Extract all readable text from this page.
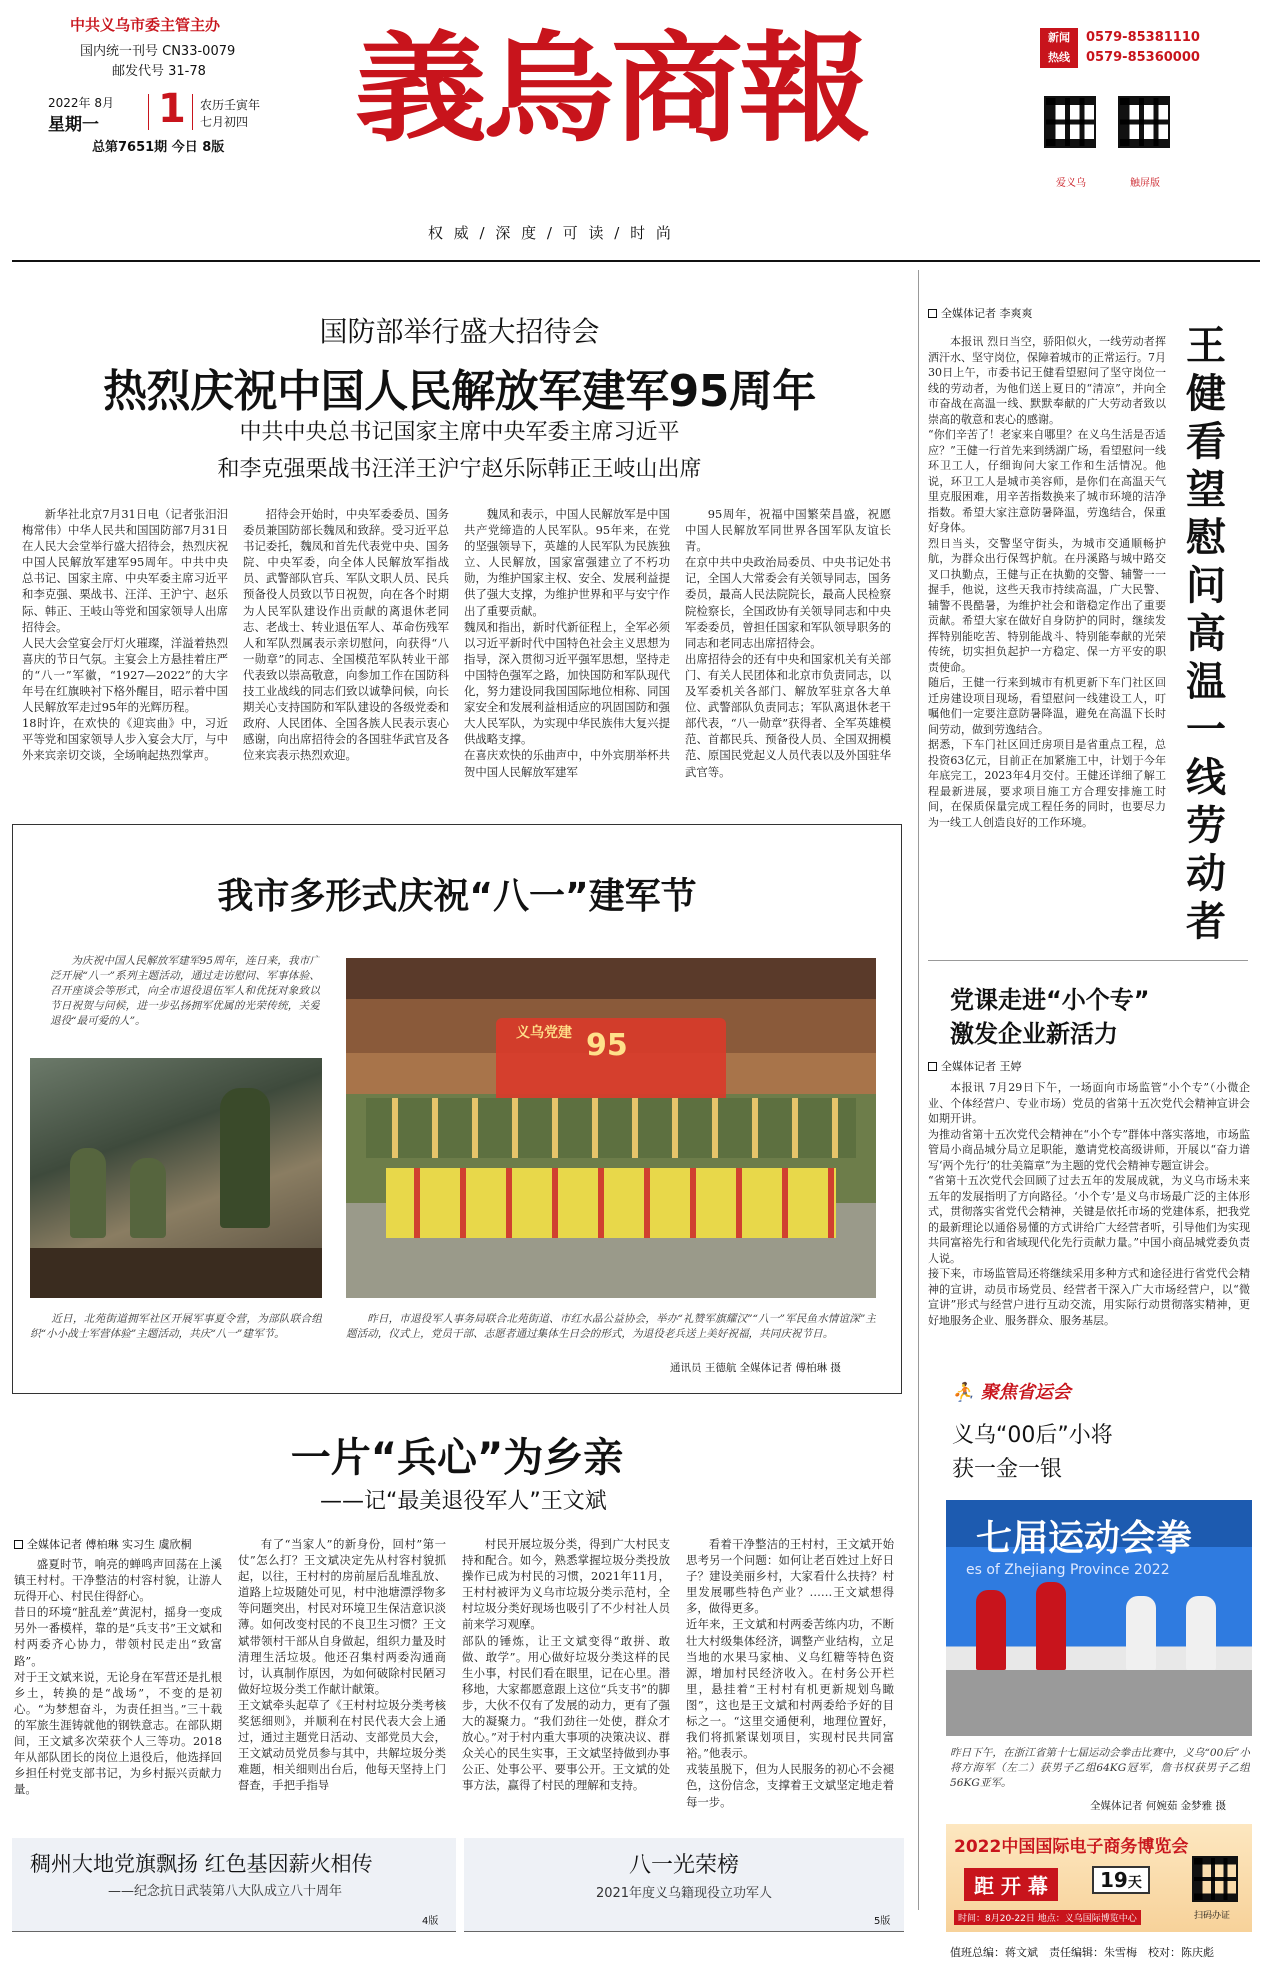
中共义乌市委主管主办
国内统一刊号 CN33-0079
邮发代号 31-78
2022年 8月
星期一 1 农历壬寅年
七月初四
总第7651期 今日 8版 義烏商報
权 威 / 深 度 / 可 读 / 时 尚
新闻
热线
0579-85381110
0579-85360000
爱义乌	触屏版
国防部举行盛大招待会
热烈庆祝中国人民解放军建军95周年
中共中央总书记国家主席中央军委主席习近平
和李克强栗战书汪洋王沪宁赵乐际韩正王岐山出席
新华社北京7月31日电（记者张汨汨 梅常伟）中华人民共和国国防部7月31日在人民大会堂举行盛大招待会，热烈庆祝中国人民解放军建军95周年。中共中央总书记、国家主席、中央军委主席习近平和李克强、栗战书、汪洋、王沪宁、赵乐际、韩正、王岐山等党和国家领导人出席招待会。
人民大会堂宴会厅灯火璀璨，洋溢着热烈喜庆的节日气氛。主宴会上方悬挂着庄严的“八一”军徽，“1927—2022”的大字年号在红旗映衬下格外醒目，昭示着中国人民解放军走过95年的光辉历程。
18时许，在欢快的《迎宾曲》中，习近平等党和国家领导人步入宴会大厅，与中外来宾亲切交谈，全场响起热烈掌声。
招待会开始时，中央军委委员、国务委员兼国防部长魏凤和致辞。受习近平总书记委托，魏凤和首先代表党中央、国务院、中央军委，向全体人民解放军指战员、武警部队官兵、军队文职人员、民兵预备役人员致以节日祝贺，向在各个时期为人民军队建设作出贡献的离退休老同志、老战士、转业退伍军人、革命伤残军人和军队烈属表示亲切慰问，向获得“八一勋章”的同志、全国模范军队转业干部代表致以崇高敬意，向参加工作在国防科技工业战线的同志们致以诚挚问候，向长期关心支持国防和军队建设的各级党委和政府、人民团体、全国各族人民表示衷心感谢，向出席招待会的各国驻华武官及各位来宾表示热烈欢迎。
魏凤和表示，中国人民解放军是中国共产党缔造的人民军队。95年来，在党的坚强领导下，英雄的人民军队为民族独立、人民解放，国家富强建立了不朽功勋，为维护国家主权、安全、发展利益提供了强大支撑，为维护世界和平与安宁作出了重要贡献。
魏凤和指出，新时代新征程上，全军必须以习近平新时代中国特色社会主义思想为指导，深入贯彻习近平强军思想，坚持走中国特色强军之路，加快国防和军队现代化，努力建设同我国国际地位相称、同国家安全和发展利益相适应的巩固国防和强大人民军队，为实现中华民族伟大复兴提供战略支撑。
在喜庆欢快的乐曲声中，中外宾朋举杯共贺中国人民解放军建军
95周年，祝福中国繁荣昌盛，祝愿中国人民解放军同世界各国军队友谊长青。
在京中共中央政治局委员、中央书记处书记，全国人大常委会有关领导同志，国务委员，最高人民法院院长，最高人民检察院检察长，全国政协有关领导同志和中央军委委员，曾担任国家和军队领导职务的同志和老同志出席招待会。
出席招待会的还有中央和国家机关有关部门、有关人民团体和北京市负责同志，以及军委机关各部门、解放军驻京各大单位、武警部队负责同志；军队离退休老干部代表，“八一勋章”获得者、全军英雄模范、首都民兵、预备役人员、全国双拥模范、原国民党起义人员代表以及外国驻华武官等。
全媒体记者 李爽爽
王健看望慰问高温一线劳动者
本报讯 烈日当空，骄阳似火，一线劳动者挥洒汗水、坚守岗位，保障着城市的正常运行。7月30日上午，市委书记王健看望慰问了坚守岗位一线的劳动者，为他们送上夏日的“清凉”，并向全市奋战在高温一线、默默奉献的广大劳动者致以崇高的敬意和衷心的感谢。
“你们辛苦了！老家来自哪里？在义乌生活是否适应？”王健一行首先来到绣湖广场，看望慰问一线环卫工人，仔细询问大家工作和生活情况。他说，环卫工人是城市美容师，是你们在高温天气里克服困难，用辛苦指数换来了城市环境的洁净指数。希望大家注意防暑降温，劳逸结合，保重好身体。
烈日当头，交警坚守街头，为城市交通顺畅护航，为群众出行保驾护航。在丹溪路与城中路交叉口执勤点，王健与正在执勤的交警、辅警一一握手，他说，这些天我市持续高温，广大民警、辅警不畏酷暑，为维护社会和谐稳定作出了重要贡献。希望大家在做好自身防护的同时，继续发挥特别能吃苦、特别能战斗、特别能奉献的光荣传统，切实担负起护一方稳定、保一方平安的职责使命。
随后，王健一行来到城市有机更新下车门社区回迁房建设项目现场，看望慰问一线建设工人，叮嘱他们一定要注意防暑降温，避免在高温下长时间劳动，做到劳逸结合。
据悉，下车门社区回迁房项目是省重点工程，总投资63亿元，目前正在加紧施工中，计划于今年年底完工，2023年4月交付。王健还详细了解工程最新进展，要求项目施工方合理安排施工时间，在保质保量完成工程任务的同时，也要尽力为一线工人创造良好的工作环境。
党课走进“小个专”
激发企业新活力
全媒体记者 王婷
本报讯 7月29日下午，一场面向市场监管“小个专”（小微企业、个体经营户、专业市场）党员的省第十五次党代会精神宣讲会如期开讲。
为推动省第十五次党代会精神在“小个专”群体中落实落地，市场监管局小商品城分局立足职能，邀请党校高级讲师，开展以“奋力谱写‘两个先行’的壮美篇章”为主题的党代会精神专题宣讲会。
“省第十五次党代会回顾了过去五年的发展成就，为义乌市场未来五年的发展指明了方向路径。‘小个专’是义乌市场最广泛的主体形式，贯彻落实省党代会精神，关键是依托市场的党建体系，把我党的最新理论以通俗易懂的方式讲给广大经营者听，引导他们为实现共同富裕先行和省域现代化先行贡献力量。”中国小商品城党委负责人说。
接下来，市场监管局还将继续采用多种方式和途径进行省党代会精神的宣讲，动员市场党员、经营者干深入广大市场经营户，以“微宣讲”形式与经营户进行互动交流，用实际行动贯彻落实精神，更好地服务企业、服务群众、服务基层。
⛹ 聚焦省运会
义乌“00后”小将
获一金一银
七届运动会拳
es of Zhejiang Province 2022
昨日下午，在浙江省第十七届运动会拳击比赛中，义乌“00后”小将方海军（左二）获男子乙组64KG冠军，詹书权获男子乙组56KG亚军。
全媒体记者 何婉茹 金梦雅 摄
我市多形式庆祝“八一”建军节
为庆祝中国人民解放军建军95周年，连日来，我市广泛开展“八一”系列主题活动，通过走访慰问、军事体验、召开座谈会等形式，向全市退役退伍军人和优抚对象致以节日祝贺与问候，进一步弘扬拥军优属的光荣传统，关爱退役“最可爱的人”。
义乌党建 95
近日，北苑街道拥军社区开展军事夏令营，为部队联合组织“小小战士军营体验”主题活动，共庆“八一”建军节。
昨日，市退役军人事务局联合北苑街道、市红水晶公益协会，举办“礼赞军旗耀汉”“八一”军民鱼水情谊深”主题活动，仪式上，党员干部、志愿者通过集体生日会的形式，为退役老兵送上美好祝福，共同庆祝节日。
通讯员 王德航 全媒体记者 傅柏琳 摄
一片“兵心”为乡亲
——记“最美退役军人”王文斌
全媒体记者 傅柏琳 实习生 虞欣桐
盛夏时节，响亮的蝉鸣声回荡在上溪镇王村村。干净整洁的村容村貌，让游人玩得开心、村民住得舒心。
昔日的环境“脏乱差”黄泥村，摇身一变成另外一番模样，靠的是“兵支书”王文斌和村两委齐心协力，带领村民走出“致富路”。
对于王文斌来说，无论身在军营还是扎根乡土，转换的是“战场”，不变的是初心。“为梦想奋斗，为责任担当。”三十载的军旅生涯铸就他的钢铁意志。在部队期间，王文斌多次荣获个人三等功。2018年从部队团长的岗位上退役后，他选择回乡担任村党支部书记，为乡村振兴贡献力量。
有了“当家人”的新身份，回村”第一仗”怎么打？王文斌决定先从村容村貌抓起，以往，王村村的房前屋后乱堆乱放、道路上垃圾随处可见，村中池塘漂浮物多等问题突出，村民对环境卫生保洁意识淡薄。如何改变村民的不良卫生习惯？王文斌带领村干部从自身做起，组织力量及时清理生活垃圾。他还召集村两委沟通商讨，认真制作原因，为如何破除村民陋习做好垃圾分类工作献计献策。
王文斌牵头起草了《王村村垃圾分类考核奖惩细则》，并顺利在村民代表大会上通过，通过主题党日活动、支部党员大会，王文斌动员党员参与其中，共解垃圾分类难题，相关细则出台后，他每天坚持上门督查，手把手指导
村民开展垃圾分类，得到广大村民支持和配合。如今，熟悉掌握垃圾分类投放操作已成为村民的习惯，2021年11月，王村村被评为义乌市垃圾分类示范村，全村垃圾分类好现场也吸引了不少村社人员前来学习观摩。
部队的锤炼，让王文斌变得“敢拼、敢做、敢学”。用心做好垃圾分类这样的民生小事，村民们看在眼里，记在心里。潜移地，大家都愿意跟上这位“兵支书”的脚步，大伙不仅有了发展的动力，更有了强大的凝聚力。“我们劲往一处使，群众才放心。”对于村内重大事项的决策决议、群众关心的民生实事，王文斌坚持做到办事公正、处事公平、要事公开。王文斌的处事方法，赢得了村民的理解和支持。
看着干净整洁的王村村，王文斌开始思考另一个问题：如何让老百姓过上好日子？建设美丽乡村，大家看什么扶持？村里发展哪些特色产业？……王文斌想得多，做得更多。
近年来，王文斌和村两委苦练内功，不断壮大村级集体经济，调整产业结构，立足当地的水果马家柚、义乌红糖等特色资源，增加村民经济收入。在村务公开栏里，悬挂着“王村村有机更新规划鸟瞰图”，这也是王文斌和村两委给予好的目标之一。“这里交通便利，地理位置好，我们将抓紧谋划项目，实现村民共同富裕。”他表示。
戎装虽脱下，但为人民服务的初心不会褪色，这份信念，支撑着王文斌坚定地走着每一步。
稠州大地党旗飘扬 红色基因薪火相传
——纪念抗日武装第八大队成立八十周年
4版
八一光荣榜
2021年度义乌籍现役立功军人
5版
2022中国国际电子商务博览会
距 开 幕	19天
时间：8月20-22日 地点：义乌国际博览中心	扫码办证
值班总编：蒋文斌　责任编辑：朱雪梅　校对：陈庆彪
